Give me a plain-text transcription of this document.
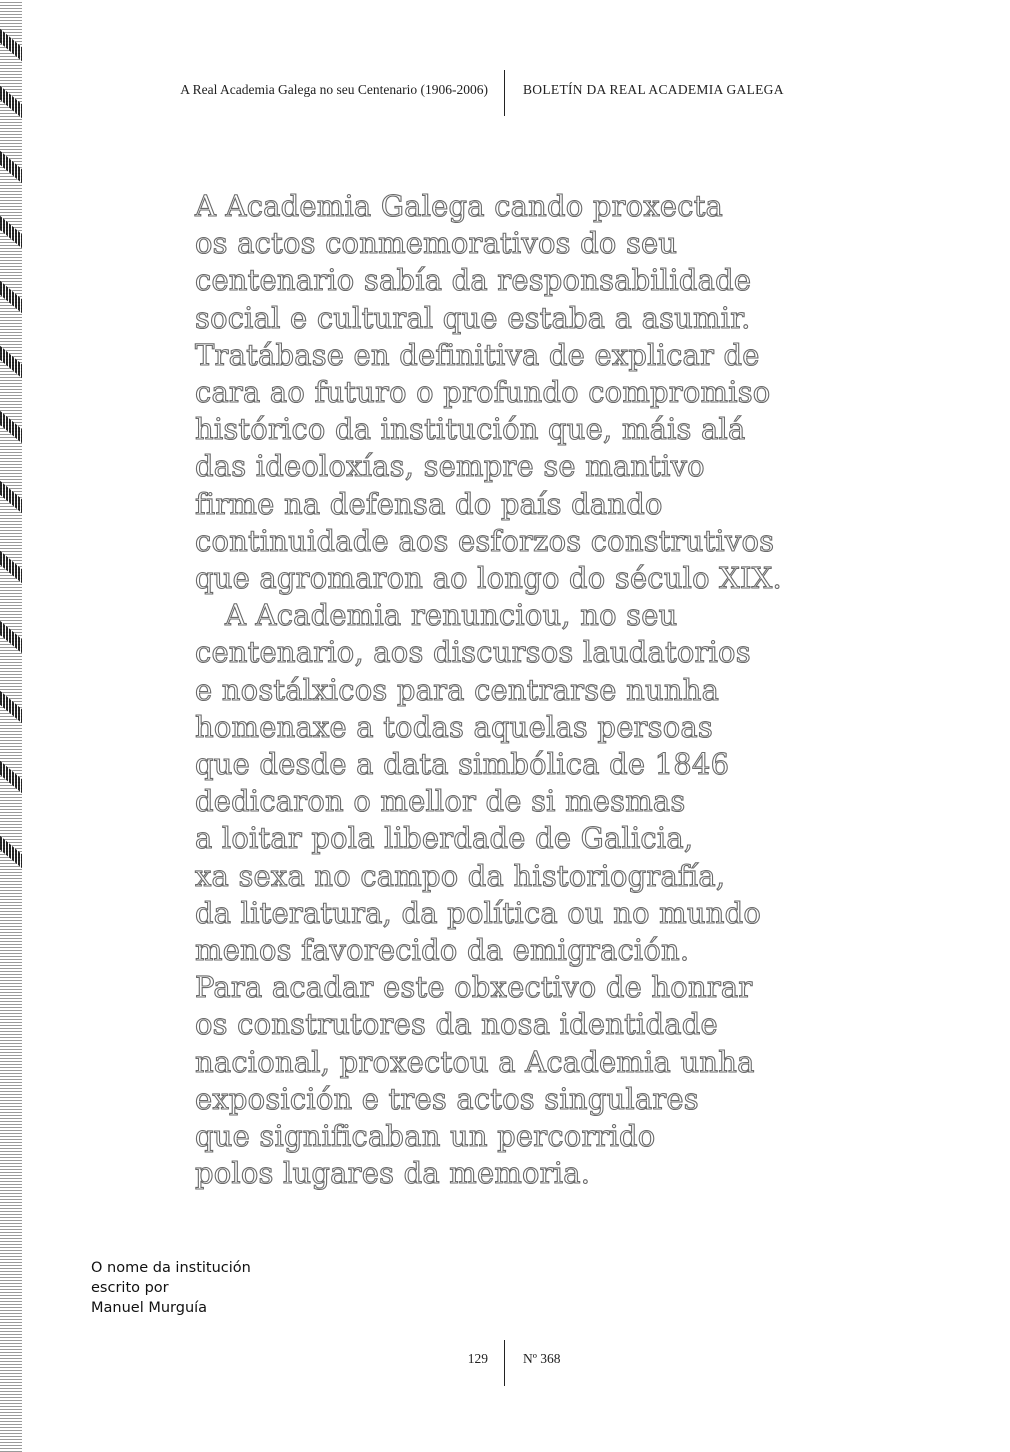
A Real Academia Galega no seu Centenario (1906-2006)	BOLETÍN DA REAL ACADEMIA GALEGA
A Academia Galega cando proxecta
os actos conmemorativos do seu
centenario sabía da responsabilidade
social e cultural que estaba a asumir.
Tratábase en definitiva de explicar de
cara ao futuro o profundo compromiso
histórico da institución que, máis alá
das ideoloxías, sempre se mantivo
firme na defensa do país dando
continuidade aos esforzos construtivos
que agromaron ao longo do século XIX.
A Academia renunciou, no seu
centenario, aos discursos laudatorios
e nostálxicos para centrarse nunha
homenaxe a todas aquelas persoas
que desde a data simbólica de 1846
dedicaron o mellor de si mesmas
a loitar pola liberdade de Galicia,
xa sexa no campo da historiografía,
da literatura, da política ou no mundo
menos favorecido da emigración.
Para acadar este obxectivo de honrar
os construtores da nosa identidade
nacional, proxectou a Academia unha
exposición e tres actos singulares
que significaban un percorrido
polos lugares da memoria.
O nome da institución
escrito por
Manuel Murguía
129	Nº 368
